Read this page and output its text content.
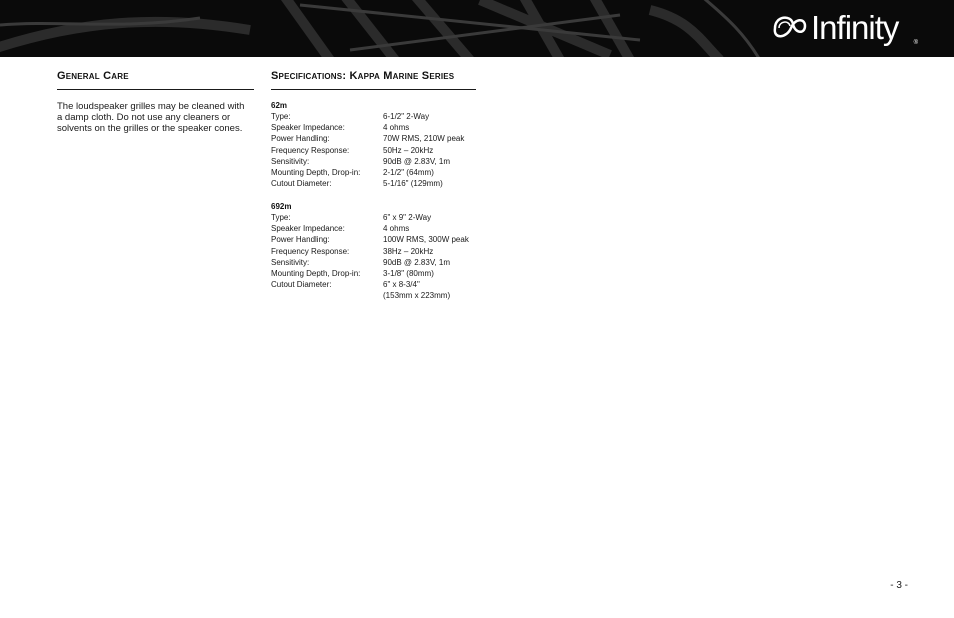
Infinity	®
General Care
The loudspeaker grilles may be cleaned with
a damp cloth. Do not use any cleaners or
solvents on the grilles or the speaker cones.
Specifications: Kappa Marine Series
62m
Type:	6-1/2" 2-Way
Speaker Impedance:	4 ohms
Power Handling:	70W RMS, 210W peak
Frequency Response:	50Hz – 20kHz
Sensitivity:	90dB @ 2.83V, 1m
Mounting Depth, Drop-in:	2-1/2" (64mm)
Cutout Diameter:	5-1/16" (129mm)
692m
Type:	6" x 9" 2-Way
Speaker Impedance:	4 ohms
Power Handling:	100W RMS, 300W peak
Frequency Response:	38Hz – 20kHz
Sensitivity:	90dB @ 2.83V, 1m
Mounting Depth, Drop-in:	3-1/8" (80mm)
Cutout Diameter:	6" x 8-3/4"
(153mm x 223mm)
- 3 -
